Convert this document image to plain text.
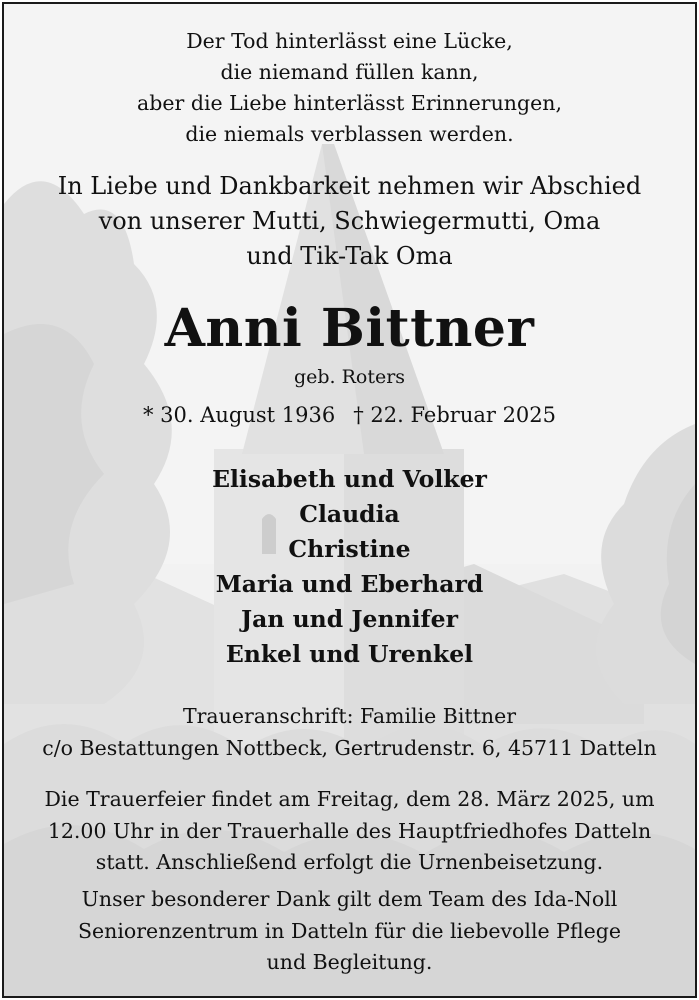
Der Tod hinterlässt eine Lücke,
die niemand füllen kann,
aber die Liebe hinterlässt Erinnerungen,
die niemals verblassen werden.
In Liebe und Dankbarkeit nehmen wir Abschied
von unserer Mutti, Schwiegermutti, Oma
und Tik-Tak Oma
Anni Bittner
geb. Roters
* 30. August 1936 † 22. Februar 2025
Elisabeth und Volker
Claudia
Christine
Maria und Eberhard
Jan und Jennifer
Enkel und Urenkel
Traueranschrift: Familie Bittner
c/o Bestattungen Nottbeck, Gertrudenstr. 6, 45711 Datteln
Die Trauerfeier findet am Freitag, dem 28. März 2025, um
12.00 Uhr in der Trauerhalle des Hauptfriedhofes Datteln
statt. Anschließend erfolgt die Urnenbeisetzung.
Unser besonderer Dank gilt dem Team des Ida-Noll
Seniorenzentrum in Datteln für die liebevolle Pflege
und Begleitung.
